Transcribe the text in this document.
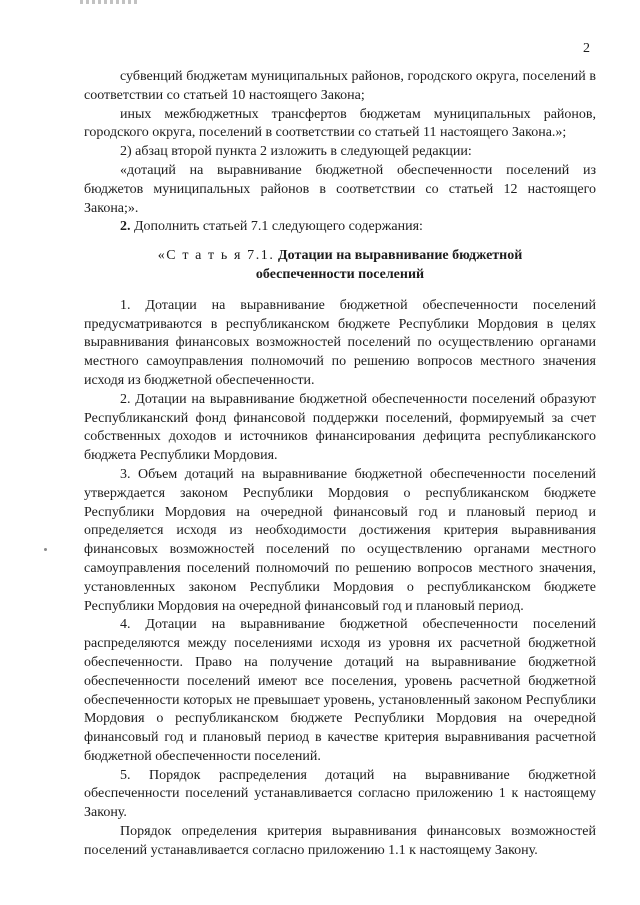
2

субвенций бюджетам муниципальных районов, городского округа, поселений в соответствии со статьей 10 настоящего Закона;

иных межбюджетных трансфертов бюджетам муниципальных районов, городского округа, поселений в соответствии со статьей 11 настоящего Закона.»;

2) абзац второй пункта 2 изложить в следующей редакции:

«дотаций на выравнивание бюджетной обеспеченности поселений из бюджетов муниципальных районов в соответствии со статьей 12 настоящего Закона;».

2. Дополнить статьей 7.1 следующего содержания:

«С т а т ь я 7.1. Дотации на выравнивание бюджетной
обеспеченности поселений

1. Дотации на выравнивание бюджетной обеспеченности поселений предусматриваются в республиканском бюджете Республики Мордовия в целях выравнивания финансовых возможностей поселений по осуществлению органами местного самоуправления полномочий по решению вопросов местного значения исходя из бюджетной обеспеченности.

2. Дотации на выравнивание бюджетной обеспеченности поселений образуют Республиканский фонд финансовой поддержки поселений, формируемый за счет собственных доходов и источников финансирования дефицита республиканского бюджета Республики Мордовия.

3. Объем дотаций на выравнивание бюджетной обеспеченности поселений утверждается законом Республики Мордовия о республиканском бюджете Республики Мордовия на очередной финансовый год и плановый период и определяется исходя из необходимости достижения критерия выравнивания финансовых возможностей поселений по осуществлению органами местного самоуправления поселений полномочий по решению вопросов местного значения, установленных законом Республики Мордовия о республиканском бюджете Республики Мордовия на очередной финансовый год и плановый период.

4. Дотации на выравнивание бюджетной обеспеченности поселений распределяются между поселениями исходя из уровня их расчетной бюджетной обеспеченности. Право на получение дотаций на выравнивание бюджетной обеспеченности поселений имеют все поселения, уровень расчетной бюджетной обеспеченности которых не превышает уровень, установленный законом Республики Мордовия о республиканском бюджете Республики Мордовия на очередной финансовый год и плановый период в качестве критерия выравнивания расчетной бюджетной обеспеченности поселений.

5. Порядок распределения дотаций на выравнивание бюджетной обеспеченности поселений устанавливается согласно приложению 1 к настоящему Закону.

Порядок определения критерия выравнивания финансовых возможностей поселений устанавливается согласно приложению 1.1 к настоящему Закону.
